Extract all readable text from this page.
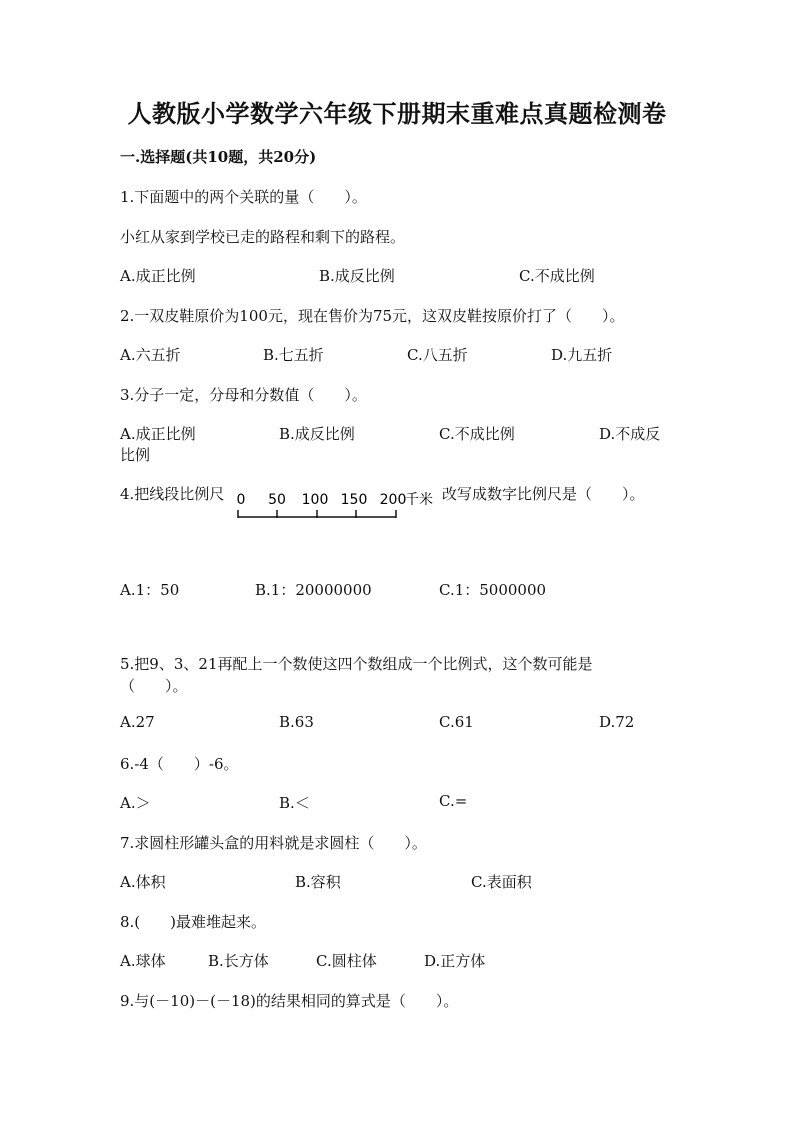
人教版小学数学六年级下册期末重难点真题检测卷
一.选择题(共10题，共20分)
1.下面题中的两个关联的量（　　）。
小红从家到学校已走的路程和剩下的路程。
A.成正比例	B.成反比例	C.不成比例
2.一双皮鞋原价为100元，现在售价为75元，这双皮鞋按原价打了（　　）。
A.六五折	B.七五折	C.八五折	D.九五折
3.分子一定，分母和分数值（　　）。
A.成正比例	B.成反比例	C.不成比例	D.不成反
比例
4.把线段比例尺 0 50 100 150 200
千米 改写成数字比例尺是（　　）。
A.1：50	B.1：20000000	C.1：5000000
5.把9、3、21再配上一个数使这四个数组成一个比例式，这个数可能是
（　　）。
A.27	B.63	C.61	D.72
6.-4（　　）-6。
A.＞	B.＜	C.=
7.求圆柱形罐头盒的用料就是求圆柱（　　）。
A.体积	B.容积	C.表面积
8.(　　)最难堆起来。
A.球体	B.长方体	C.圆柱体	D.正方体
9.与(－10)－(－18)的结果相同的算式是（　　）。
